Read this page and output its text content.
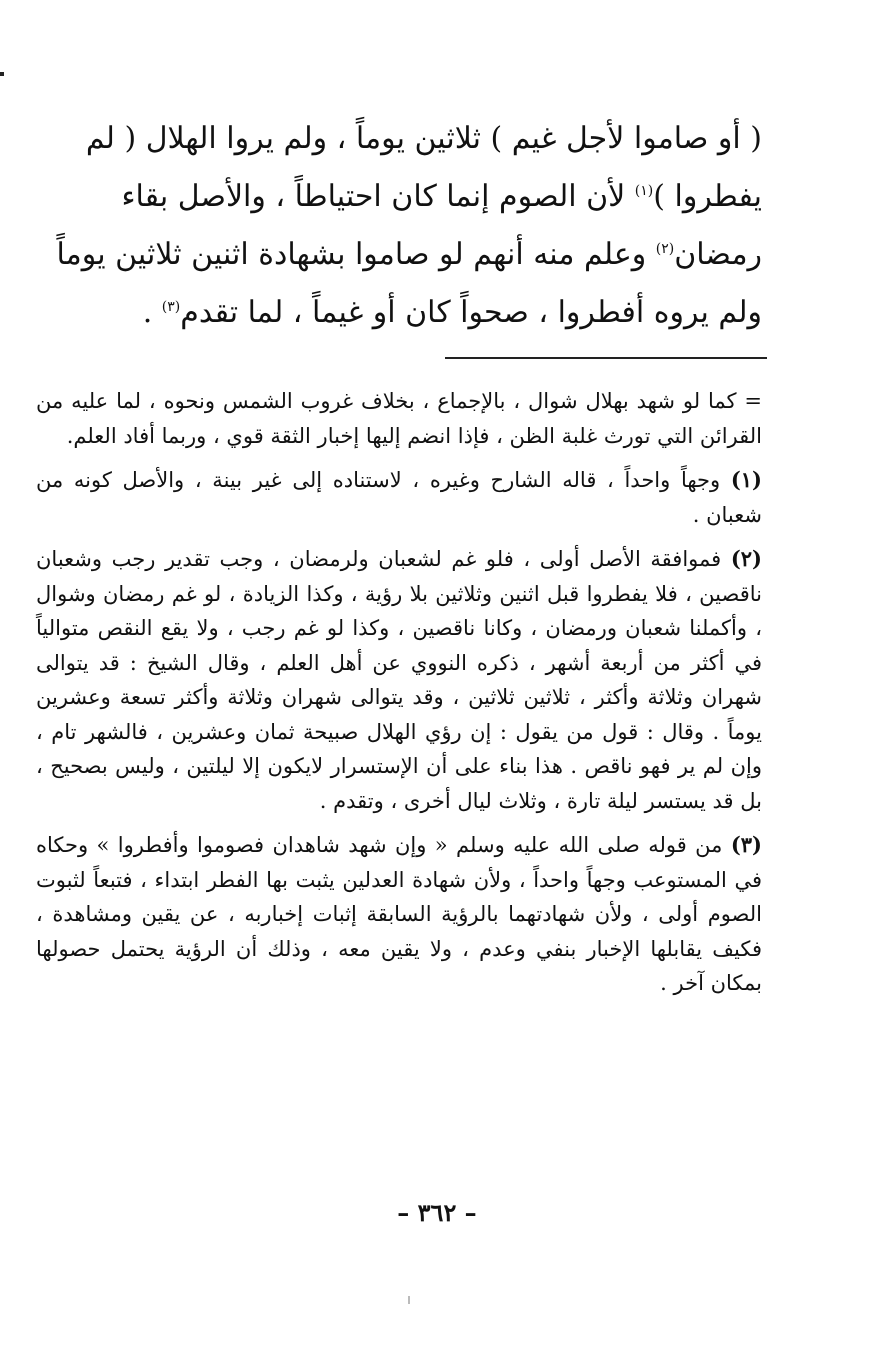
( أو صاموا لأجل غيم ) ثلاثين يوماً ، ولم يروا الهلال ( لم
يفطروا )$^{(١)}$ لأن الصوم إنما كان احتياطاً ، والأصل بقاء
رمضان$^{(٢)}$ وعلم منه أنهم لو صاموا بشهادة اثنين ثلاثين يوماً
ولم يروه أفطروا ، صحواً كان أو غيماً ، لما تقدم$^{(٣)}$ .

= كما لو شهد بهلال شوال ، بالإجماع ، بخلاف غروب الشمس ونحوه ، لما عليه من القرائن التي تورث غلبة الظن ، فإذا انضم إليها إخبار الثقة قوي ، وربما أفاد العلم.

(١) وجهاً واحداً ، قاله الشارح وغيره ، لاستناده إلى غير بينة ، والأصل كونه من شعبان .

(٢) فموافقة الأصل أولى ، فلو غم لشعبان ولرمضان ، وجب تقدير رجب وشعبان ناقصين ، فلا يفطروا قبل اثنين وثلاثين بلا رؤية ، وكذا الزيادة ، لو غم رمضان وشوال ، وأكملنا شعبان ورمضان ، وكانا ناقصين ، وكذا لو غم رجب ، ولا يقع النقص متوالياً في أكثر من أربعة أشهر ، ذكره النووي عن أهل العلم ، وقال الشيخ : قد يتوالى شهران وثلاثة وأكثر ، ثلاثين ثلاثين ، وقد يتوالى شهران وثلاثة وأكثر تسعة وعشرين يوماً . وقال : قول من يقول : إن رؤي الهلال صبيحة ثمان وعشرين ، فالشهر تام ، وإن لم ير فهو ناقص . هذا بناء على أن الإستسرار لايكون إلا ليلتين ، وليس بصحيح ، بل قد يستسر ليلة تارة ، وثلاث ليال أخرى ، وتقدم .

(٣) من قوله صلى الله عليه وسلم « وإن شهد شاهدان فصوموا وأفطروا » وحكاه في المستوعب وجهاً واحداً ، ولأن شهادة العدلين يثبت بها الفطر ابتداء ، فتبعاً لثبوت الصوم أولى ، ولأن شهادتهما بالرؤية السابقة إثبات إخباربه ، عن يقين ومشاهدة ، فكيف يقابلها الإخبار بنفي وعدم ، ولا يقين معه ، وذلك أن الرؤية يحتمل حصولها بمكان آخر .

– ٣٦٢ –
